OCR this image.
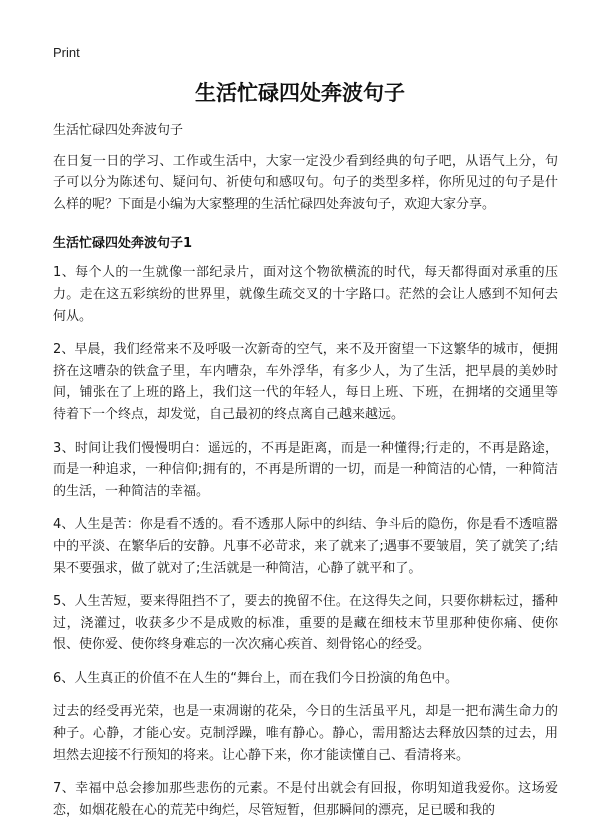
Print
生活忙碌四处奔波句子

生活忙碌四处奔波句子

在日复一日的学习、工作或生活中，大家一定没少看到经典的句子吧，从语气上分，句子可以分为陈述句、疑问句、祈使句和感叹句。句子的类型多样，你所见过的句子是什么样的呢？下面是小编为大家整理的生活忙碌四处奔波句子，欢迎大家分享。

生活忙碌四处奔波句子1

1、每个人的一生就像一部纪录片，面对这个物欲横流的时代，每天都得面对承重的压力。走在这五彩缤纷的世界里，就像生疏交叉的十字路口。茫然的会让人感到不知何去何从。

2、早晨，我们经常来不及呼吸一次新奇的空气，来不及开窗望一下这繁华的城市，便拥挤在这嘈杂的铁盒子里，车内嘈杂，车外浮华，有多少人，为了生活，把早晨的美妙时间，铺张在了上班的路上，我们这一代的年轻人，每日上班、下班，在拥堵的交通里等待着下一个终点，却发觉，自己最初的终点离自己越来越远。

3、时间让我们慢慢明白：遥远的，不再是距离，而是一种懂得;行走的，不再是路途，而是一种追求，一种信仰;拥有的，不再是所谓的一切，而是一种简洁的心情，一种简洁的生活，一种简洁的幸福。

4、人生是苦：你是看不透的。看不透那人际中的纠结、争斗后的隐伤，你是看不透喧嚣中的平淡、在繁华后的安静。凡事不必苛求，来了就来了;遇事不要皱眉，笑了就笑了;结果不要强求，做了就对了;生活就是一种简洁，心静了就平和了。

5、人生苦短，要来得阻挡不了，要去的挽留不住。在这得失之间，只要你耕耘过，播种过，浇灌过，收获多少不是成败的标准，重要的是藏在细枝末节里那种使你痛、使你恨、使你爱、使你终身难忘的一次次痛心疾首、刻骨铭心的经受。

6、人生真正的价值不在人生的“舞台上，而在我们今日扮演的角色中。

过去的经受再光荣，也是一束凋谢的花朵，今日的生活虽平凡，却是一把布满生命力的种子。心静，才能心安。克制浮躁，唯有静心。静心，需用豁达去释放囚禁的过去，用坦然去迎接不行预知的将来。让心静下来，你才能读懂自己、看清将来。

7、幸福中总会掺加那些悲伤的元素。不是付出就会有回报，你明知道我爱你。这场爱恋，如烟花般在心的荒芜中绚烂，尽管短暂，但那瞬间的漂亮，足已暖和我的
